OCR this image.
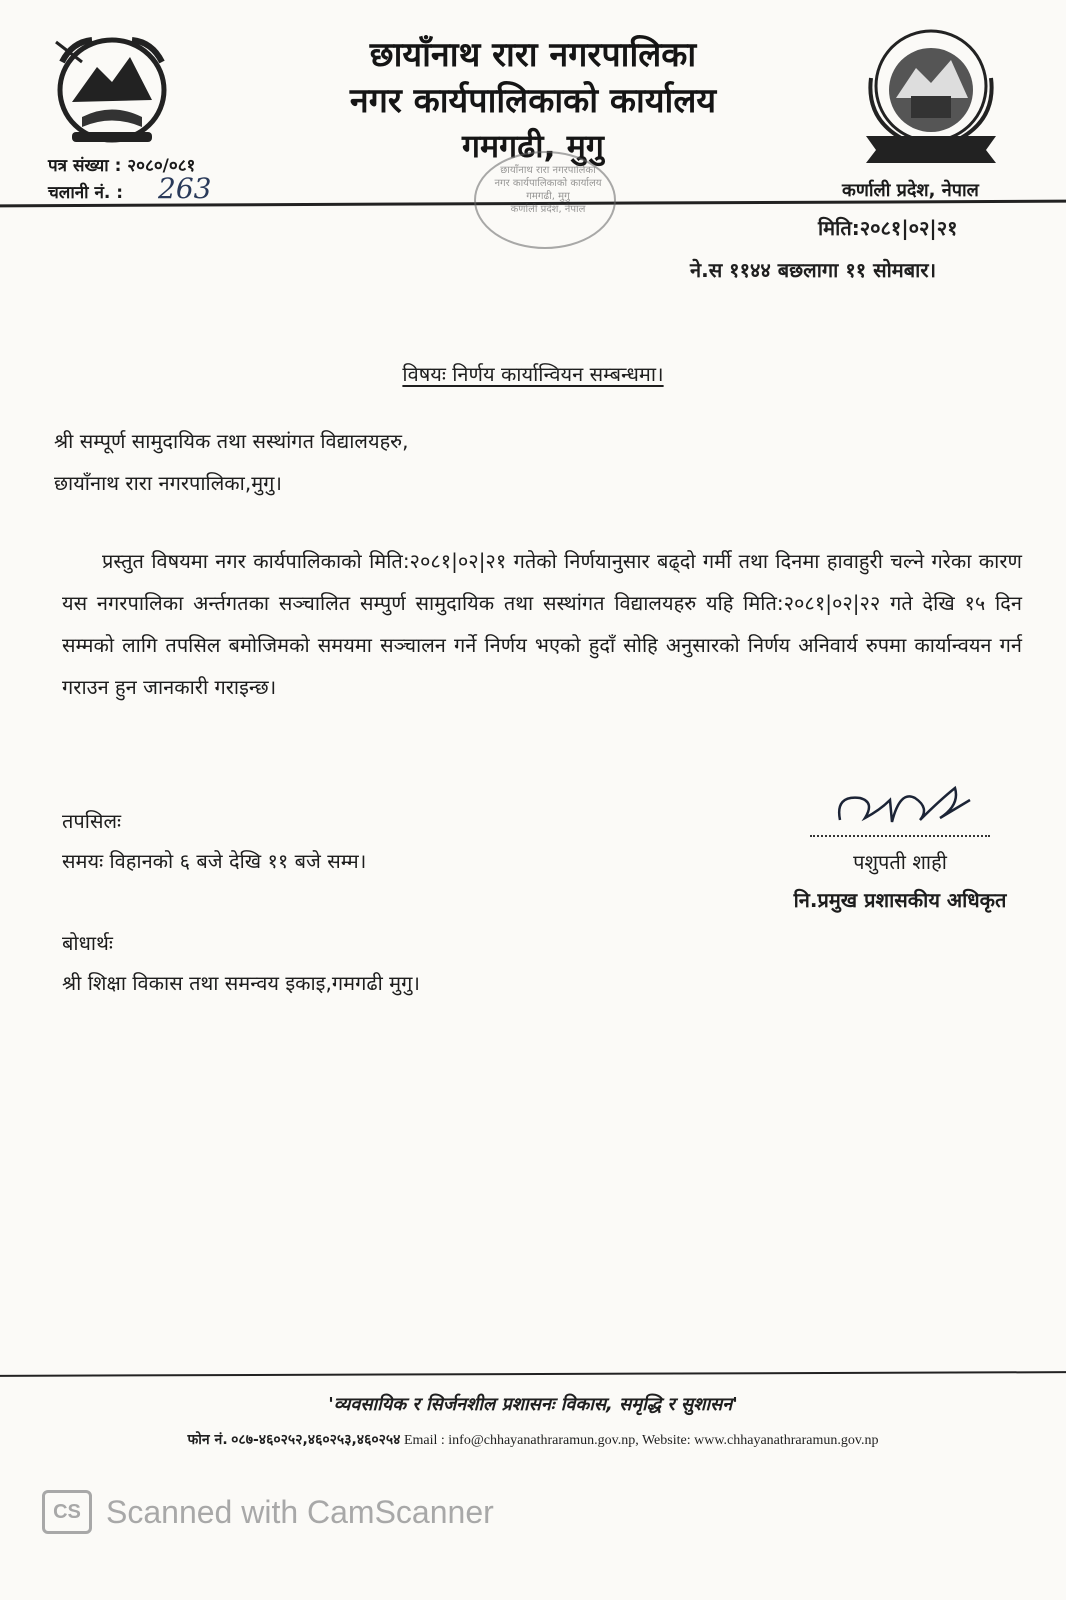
छायाँनाथ रारा नगरपालिका
नगर कार्यपालिकाको कार्यालय
गमगढी, मुगु
पत्र संख्या : २०८०/०८१
चलानी नं. : 263	कर्णाली प्रदेश, नेपाल
छायाँनाथ रारा नगरपालिका
नगर कार्यपालिकाको कार्यालय
गमगढी, मुगु
कर्णाली प्रदेश, नेपाल
मिति:२०८१|०२|२१
ने.स ११४४ बछलागा ११ सोमबार।
विषयः निर्णय कार्यान्वियन सम्बन्धमा।
श्री सम्पूर्ण सामुदायिक तथा सस्थांगत विद्यालयहरु,
छायाँनाथ रारा नगरपालिका,मुगु।
प्रस्तुत विषयमा नगर कार्यपालिकाको मिति:२०८१|०२|२१ गतेको निर्णयानुसार बढ्दो गर्मी तथा दिनमा हावाहुरी चल्ने गरेका कारण यस नगरपालिका अर्न्तगतका सञ्चालित सम्पुर्ण सामुदायिक तथा सस्थांगत विद्यालयहरु यहि मिति:२०८१|०२|२२ गते देखि १५ दिन सम्मको लागि तपसिल बमोजिमको समयमा सञ्चालन गर्ने निर्णय भएको हुदाँ सोहि अनुसारको निर्णय अनिवार्य रुपमा कार्यान्वयन गर्न गराउन हुन जानकारी गराइन्छ।
तपसिलः
समयः विहानको ६ बजे देखि ११ बजे सम्म।
बोधार्थः
श्री शिक्षा विकास तथा समन्वय इकाइ,गमगढी मुगु।
पशुपती शाही
नि.प्रमुख प्रशासकीय अधिकृत
'व्यवसायिक र सिर्जनशील प्रशासनः विकास, समृद्धि र सुशासन'
फोन नं. ०८७-४६०२५२,४६०२५३,४६०२५४ Email : info@chhayanathraramun.gov.np, Website: www.chhayanathraramun.gov.np
CS Scanned with CamScanner
